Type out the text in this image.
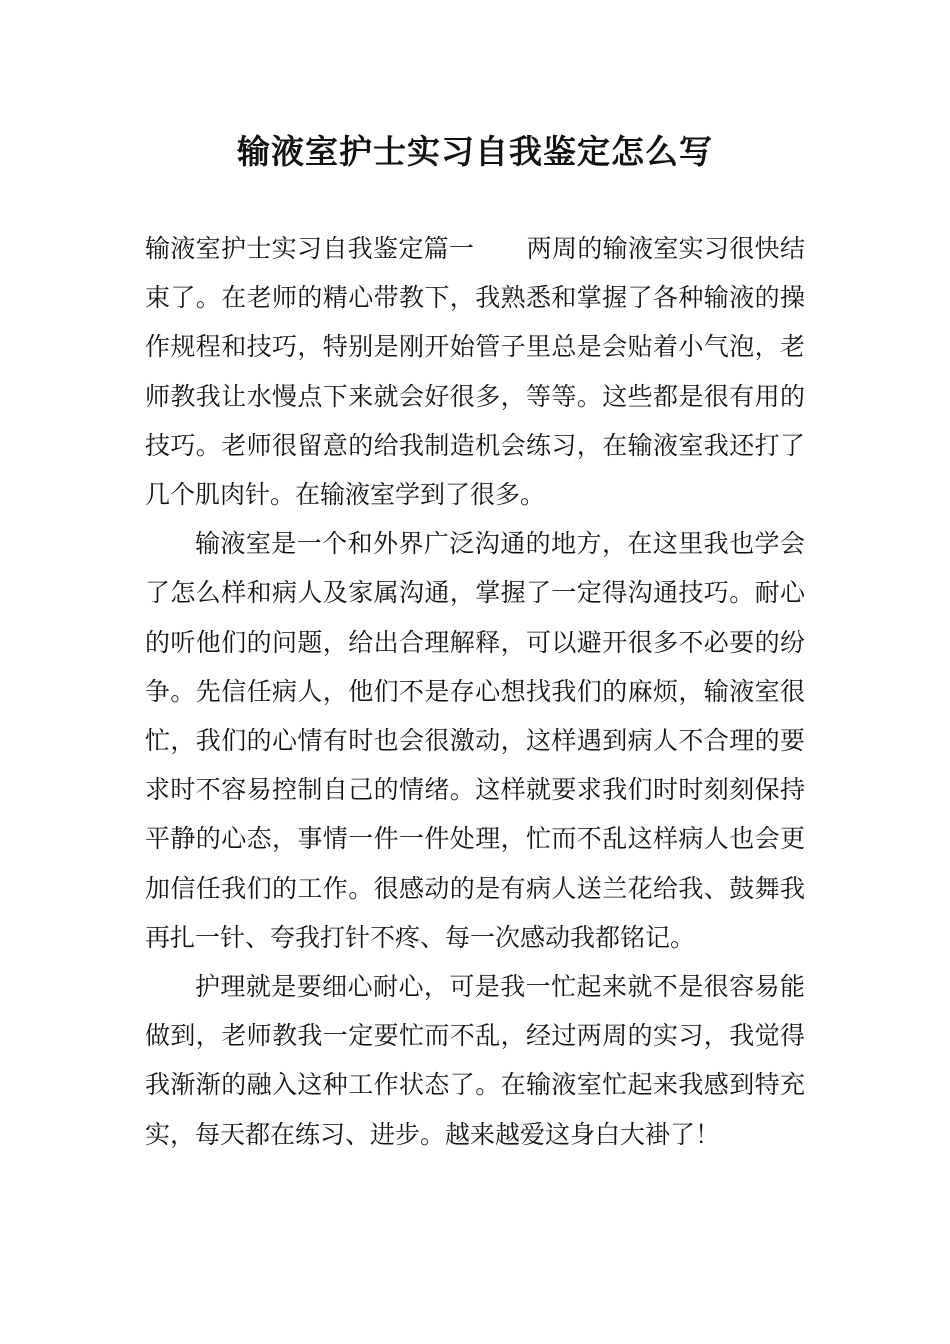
输液室护士实习自我鉴定怎么写

输液室护士实习自我鉴定篇一 两周的输液室实习很快结束了。在老师的精心带教下，我熟悉和掌握了各种输液的操作规程和技巧，特别是刚开始管子里总是会贴着小气泡，老师教我让水慢点下来就会好很多，等等。这些都是很有用的技巧。老师很留意的给我制造机会练习，在输液室我还打了几个肌肉针。在输液室学到了很多。

输液室是一个和外界广泛沟通的地方，在这里我也学会了怎么样和病人及家属沟通，掌握了一定得沟通技巧。耐心的听他们的问题，给出合理解释，可以避开很多不必要的纷争。先信任病人，他们不是存心想找我们的麻烦，输液室很忙，我们的心情有时也会很激动，这样遇到病人不合理的要求时不容易控制自己的情绪。这样就要求我们时时刻刻保持平静的心态，事情一件一件处理，忙而不乱这样病人也会更加信任我们的工作。很感动的是有病人送兰花给我、鼓舞我再扎一针、夸我打针不疼、每一次感动我都铭记。

护理就是要细心耐心，可是我一忙起来就不是很容易能做到，老师教我一定要忙而不乱，经过两周的实习，我觉得我渐渐的融入这种工作状态了。在输液室忙起来我感到特充实，每天都在练习、进步。越来越爱这身白大褂了！
